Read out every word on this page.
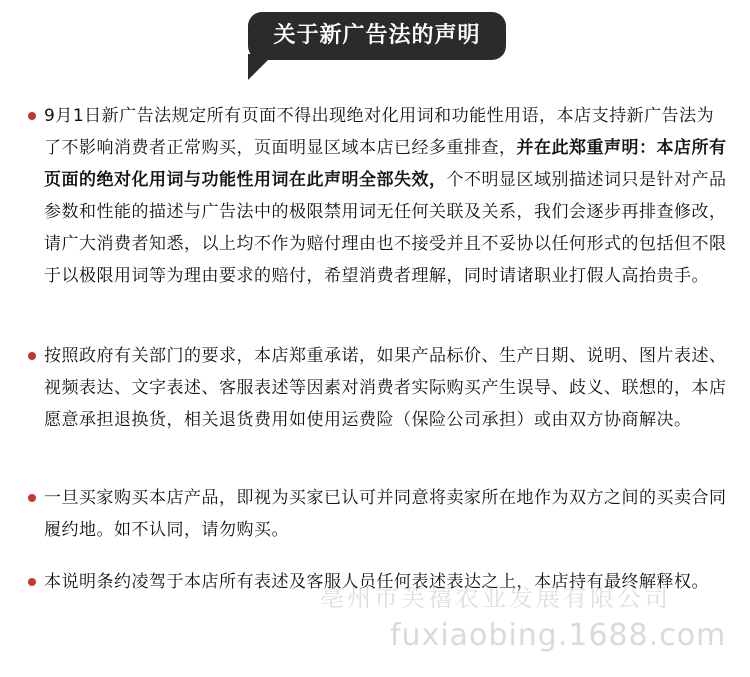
关于新广告法的声明

9月1日新广告法规定所有页面不得出现绝对化用词和功能性用语，本店支持新广告法为了不影响消费者正常购买，页面明显区域本店已经多重排查，并在此郑重声明：本店所有页面的绝对化用词与功能性用词在此声明全部失效，个不明显区域别描述词只是针对产品参数和性能的描述与广告法中的极限禁用词无任何关联及关系，我们会逐步再排查修改，请广大消费者知悉，以上均不作为赔付理由也不接受并且不妥协以任何形式的包括但不限于以极限用词等为理由要求的赔付，希望消费者理解，同时请诸职业打假人高抬贵手。

按照政府有关部门的要求，本店郑重承诺，如果产品标价、生产日期、说明、图片表述、视频表达、文字表述、客服表述等因素对消费者实际购买产生误导、歧义、联想的，本店愿意承担退换货，相关退货费用如使用运费险（保险公司承担）或由双方协商解决。

一旦买家购买本店产品，即视为买家已认可并同意将卖家所在地作为双方之间的买卖合同履约地。如不认同，请勿购买。

本说明条约凌驾于本店所有表述及客服人员任何表述表达之上，本店持有最终解释权。

亳州市芙禧农业发展有限公司
fuxiaobing.1688.com
